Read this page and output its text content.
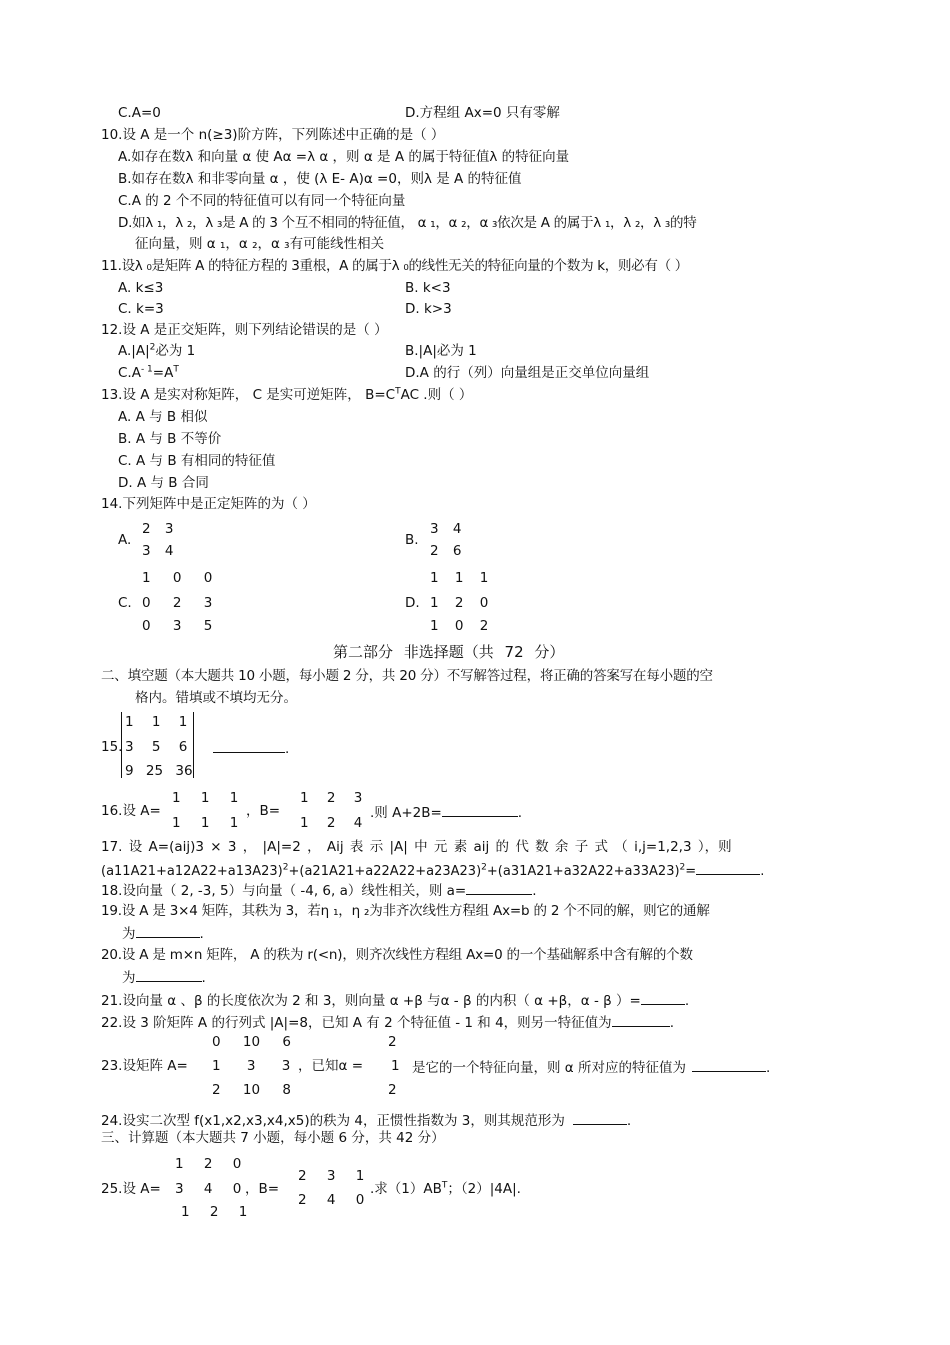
C.A=0	D.方程组 Ax=0 只有零解
10.设 A 是一个 n(≥3)阶方阵，下列陈述中正确的是（ ）
A.如存在数λ 和向量 α 使 Aα =λ α ，则 α 是 A 的属于特征值λ 的特征向量
B.如存在数λ 和非零向量 α ，使 (λ E- A)α =0，则λ 是 A 的特征值
C.A 的 2 个不同的特征值可以有同一个特征向量
D.如λ ₁，λ ₂，λ ₃是 A 的 3 个互不相同的特征值， α ₁，α ₂，α ₃依次是 A 的属于λ ₁，λ ₂，λ ₃的特
征向量，则 α ₁，α ₂，α ₃有可能线性相关
11.设λ ₀是矩阵 A 的特征方程的 3重根，A 的属于λ ₀的线性无关的特征向量的个数为 k，则必有（ ）
A. k≤3	B. k<3
C. k=3	D. k>3
12.设 A 是正交矩阵，则下列结论错误的是（ ）
$A.|A|^2$必为 1	B.|A|必为 1
$C.A^{- 1}=A^T$	D.A 的行（列）向量组是正交单位向量组
13.设 A 是实对称矩阵， C 是实可逆矩阵， $B=C^TAC$ .则（ ）
A. A 与 B 相似
B. A 与 B 不等价
C. A 与 B 有相同的特征值
D. A 与 B 合同
14.下列矩阵中是正定矩阵的为（ ）
A.
2 3
3 4
B.
3 4
2 6
C.
1 0 0
0 2 3
0 3 5
D.
1 1 1
1 2 0
1 0 2
第二部分 非选择题（共 72 分）
二、填空题（本大题共 10 小题，每小题 2 分，共 20 分）不写解答过程，将正确的答案写在每小题的空
格内。错填或不填均无分。
15.
1 1 1
3 5 6
9 25 36
.
16.设 A=
1 1 1
1 1 1
，B=
1 2 3
1 2 4
.则 A+2B=	.
17. 设 A=(aij)3 × 3 ， |A|=2 ， Aij 表 示 |A| 中 元 素 aij 的 代 数 余 子 式 （ i,j=1,2,3 ），则
$(a11A21+a12A22+a13A23)^2+(a21A21+a22A22+a23A23)^2+(a31A21+a32A22+a33A23)^2=$	.
18.设向量（ 2, -3, 5）与向量（ -4, 6, a）线性相关，则 a=	.
19.设 A 是 3×4 矩阵，其秩为 3，若η ₁，η ₂为非齐次线性方程组 Ax=b 的 2 个不同的解，则它的通解
为	.
20.设 A 是 m×n 矩阵， A 的秩为 r(<n)，则齐次线性方程组 Ax=0 的一个基础解系中含有解的个数
为	.
21.设向量 α 、β 的长度依次为 2 和 3，则向量 α +β 与α - β 的内积（ α +β，α - β ）=	.
22.设 3 阶矩阵 A 的行列式 |A|=8，已知 A 有 2 个特征值 - 1 和 4，则另一特征值为	.
0 10 6
23.设矩阵 A= 1 3 3
2 10 8
，已知α =
2
1
2
是它的一个特征向量，则 α 所对应的特征值为	.
24.设实二次型 f(x1,x2,x3,x4,x5)的秩为 4，正惯性指数为 3，则其规范形为	.
三、计算题（本大题共 7 小题，每小题 6 分，共 42 分）
1 2 0
25.设 A= 3 4 0
1 2 1
，B=
2 3 1
2 4 0
.求$(1)AB^T$；（2）|4A|.
